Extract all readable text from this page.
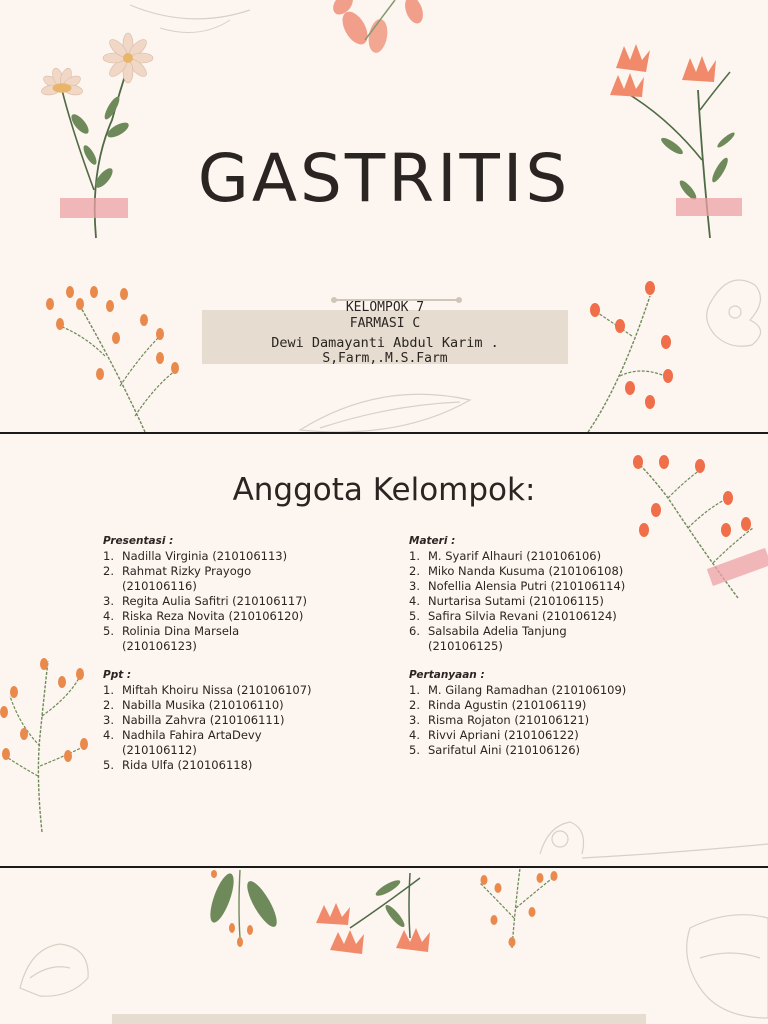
GASTRITIS
KELOMPOK 7
FARMASI C
Dewi Damayanti Abdul Karim .
S,Farm,.M.S.Farm
Anggota Kelompok:
Presentasi :
1. Nadilla Virginia (210106113)
2. Rahmat Rizky Prayogo
(210106116)
3. Regita Aulia Safitri (210106117)
4. Riska Reza Novita (210106120)
5. Rolinia Dina Marsela
(210106123)
Ppt :
1. Miftah Khoiru Nissa (210106107)
2. Nabilla Musika (210106110)
3. Nabilla Zahvra (210106111)
4. Nadhila Fahira ArtaDevy
(210106112)
5. Rida Ulfa (210106118)
Materi :
1. M. Syarif Alhauri (210106106)
2. Miko Nanda Kusuma (210106108)
3. Nofellia Alensia Putri (210106114)
4. Nurtarisa Sutami (210106115)
5. Safira Silvia Revani (210106124)
6. Salsabila Adelia Tanjung
(210106125)
Pertanyaan :
1. M. Gilang Ramadhan (210106109)
2. Rinda Agustin (210106119)
3. Risma Rojaton (210106121)
4. Rivvi Apriani (210106122)
5. Sarifatul Aini (210106126)
